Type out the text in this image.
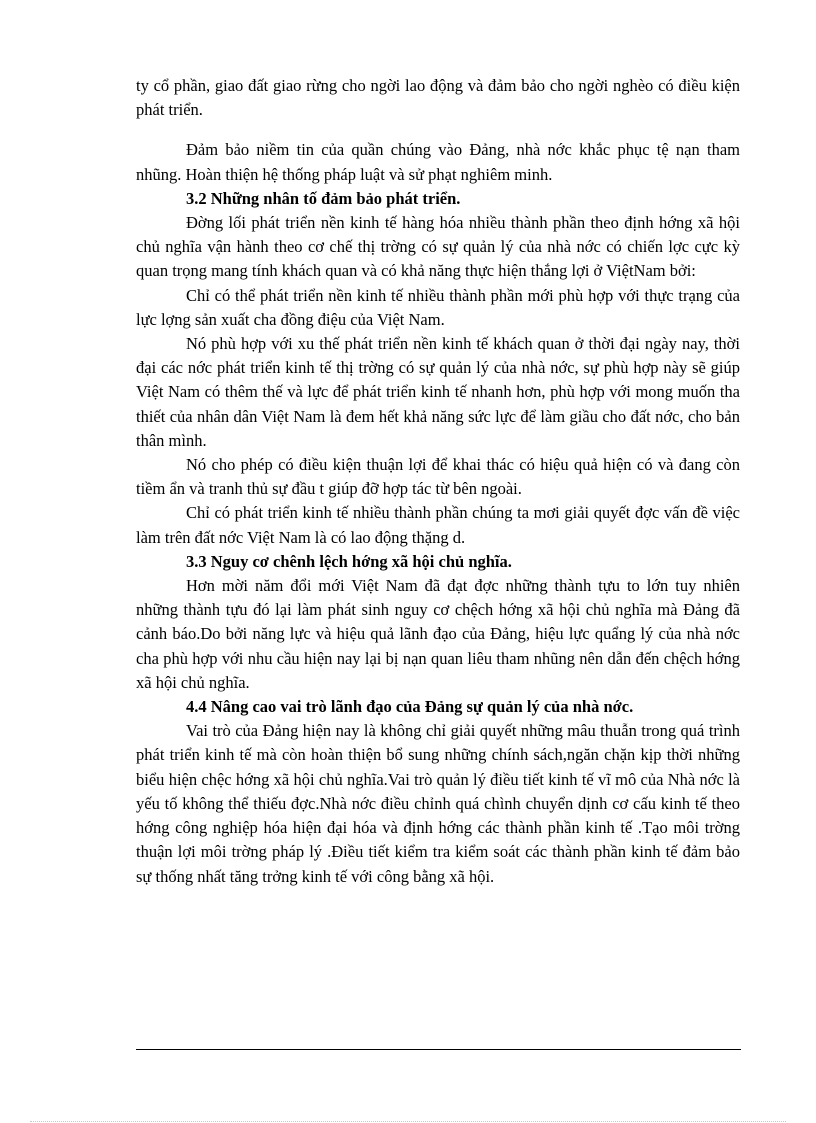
ty cổ phần, giao đất giao rừng cho ngời lao động và đảm bảo cho ngời nghèo có điều kiện phát triển.

Đảm bảo niềm tin của quần chúng vào Đảng, nhà nớc khắc phục tệ nạn tham nhũng. Hoàn thiện hệ thống pháp luật và sử phạt nghiêm minh.

3.2 Những nhân tố đảm bảo phát triển.

Đờng lối phát triển nền kinh tế hàng hóa nhiều thành phần theo định hớng xã hội chủ nghĩa vận hành theo cơ chế thị trờng có sự quản lý của nhà nớc có chiến lợc cực kỳ quan trọng mang tính khách quan và có khả năng thực hiện thắng lợi ở ViệtNam bởi:

Chỉ có thể phát triển nền kinh tế nhiều thành phần mới phù hợp với thực trạng của lực lợng sản xuất cha đồng điệu của Việt Nam.

Nó phù hợp với xu thế phát triển nền kinh tế khách quan ở thời đại ngày nay, thời đại các nớc phát triển kinh tế thị trờng có sự quản lý của nhà nớc, sự phù hợp này sẽ giúp Việt Nam có thêm thế và lực để phát triển kinh tế nhanh hơn, phù hợp với mong muốn tha thiết của nhân dân Việt Nam là đem hết khả năng sức lực để làm giầu cho đất nớc, cho bản thân mình.

Nó cho phép có điều kiện thuận lợi để khai thác có hiệu quả hiện có và đang còn tiềm ẩn và tranh thủ sự đầu t giúp đỡ hợp tác từ bên ngoài.

Chỉ có phát triển kinh tế nhiều thành phần chúng ta mơi giải quyết đợc vấn đề việc làm trên đất nớc Việt Nam là có lao động thặng d.

3.3 Nguy cơ chênh lệch hớng xã hội chủ nghĩa.

Hơn mời năm đổi mới Việt Nam đã đạt đợc những thành tựu to lớn tuy nhiên những thành tựu đó lại làm phát sinh nguy cơ chệch hớng xã hội chủ nghĩa mà Đảng đã cảnh báo.Do bởi năng lực và hiệu quả lãnh đạo của Đảng, hiệu lực quẩng lý của nhà nớc cha phù hợp với nhu cầu hiện nay lại bị nạn quan liêu tham nhũng nên dẫn đến chệch hớng xã hội chủ nghĩa.

4.4 Nâng cao vai trò lãnh đạo của Đảng sự quản lý của nhà nớc.

Vai trò của Đảng hiện nay là không chỉ giải quyết những mâu thuẫn trong quá trình phát triển kinh tế mà còn hoàn thiện bổ sung những chính sách,ngăn chặn kịp thời những biểu hiện chệc hớng xã hội chủ nghĩa.Vai trò quản lý điều tiết kinh tế vĩ mô của Nhà nớc là yếu tố không thể thiếu đợc.Nhà nớc điều chỉnh quá chình chuyển dịnh cơ cấu kinh tế theo hớng công nghiệp hóa hiện đại hóa và định hớng các thành phần kinh tế .Tạo môi trờng thuận lợi môi trờng pháp lý .Điều tiết kiểm tra kiểm soát các thành phần kinh tế đảm bảo sự thống nhất tăng trởng kinh tế với công bằng xã hội.
